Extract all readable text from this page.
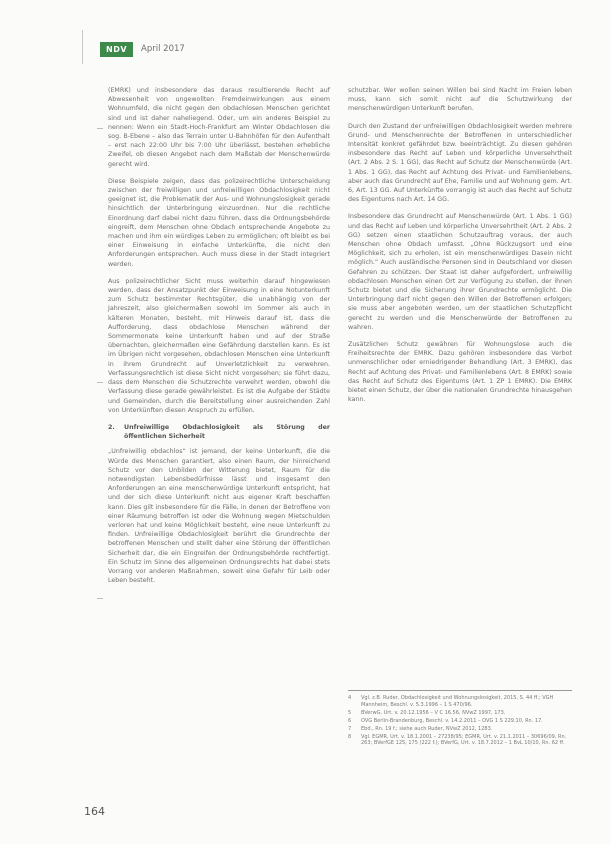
NDV	April 2017

(EMRK) und insbesondere das daraus resultierende Recht auf Abwesenheit von ungewollten Fremdeinwirkungen aus einem Wohnumfeld, die nicht gegen den obdachlosen Menschen gerichtet sind und ist daher naheliegend. Oder, um ein anderes Beispiel zu nennen: Wenn ein Stadt-Hoch-Frankfurt am Winter Obdachlosen die sog. B-Ebene – also das Terrain unter U-Bahnhöfen für den Aufenthalt – erst nach 22:00 Uhr bis 7:00 Uhr überlässt, bestehen erhebliche Zweifel, ob diesen Angebot nach dem Maßstab der Menschenwürde gerecht wird.

Diese Beispiele zeigen, dass das polizeirechtliche Unterscheidung zwischen der freiwilligen und unfreiwilligen Obdachlosigkeit nicht geeignet ist, die Problematik der Aus- und Wohnungslosigkeit gerade hinsichtlich der Unterbringung einzuordnen. Nur die rechtliche Einordnung darf dabei nicht dazu führen, dass die Ordnungsbehörde eingreift, dem Menschen ohne Obdach entsprechende Angebote zu machen und ihm ein würdiges Leben zu ermöglichen; oft bleibt es bei einer Einweisung in einfache Unterkünfte, die nicht den Anforderungen entsprechen. Auch muss diese in der Stadt integriert werden.

Aus polizeirechtlicher Sicht muss weiterhin darauf hingewiesen werden, dass der Ansatzpunkt der Einweisung in eine Notunterkunft zum Schutz bestimmter Rechtsgüter, die unabhängig von der Jahreszeit, also gleichermaßen sowohl im Sommer als auch in kälteren Monaten, besteht, mit Hinweis darauf ist, dass die Aufforderung, dass obdachlose Menschen während der Sommermonate keine Unterkunft haben und auf der Straße übernachten, gleichermaßen eine Gefährdung darstellen kann. Es ist im Übrigen nicht vorgesehen, obdachlosen Menschen eine Unterkunft in ihrem Grundrecht auf Unverletzlichkeit zu verwehren. Verfassungsrechtlich ist diese Sicht nicht vorgesehen; sie führt dazu, dass dem Menschen die Schutzrechte verwehrt werden, obwohl die Verfassung diese gerade gewährleistet. Es ist die Aufgabe der Städte und Gemeinden, durch die Bereitstellung einer ausreichenden Zahl von Unterkünften diesen Anspruch zu erfüllen.

2. Unfreiwillige Obdachlosigkeit als Störung der öffentlichen Sicherheit

„Unfreiwillig obdachlos“ ist jemand, der keine Unterkunft, die die Würde des Menschen garantiert, also einen Raum, der hinreichend Schutz vor den Unbilden der Witterung bietet, Raum für die notwendigsten Lebensbedürfnisse lässt und insgesamt den Anforderungen an eine menschenwürdige Unterkunft entspricht, hat und der sich diese Unterkunft nicht aus eigener Kraft beschaffen kann. Dies gilt insbesondere für die Fälle, in denen der Betroffene von einer Räumung betroffen ist oder die Wohnung wegen Mietschulden verloren hat und keine Möglichkeit besteht, eine neue Unterkunft zu finden. Unfreiwillige Obdachlosigkeit berührt die Grundrechte der betroffenen Menschen und stellt daher eine Störung der öffentlichen Sicherheit dar, die ein Eingreifen der Ordnungsbehörde rechtfertigt. Ein Schutz im Sinne des allgemeinen Ordnungsrechts hat dabei stets Vorrang vor anderen Maßnahmen, soweit eine Gefahr für Leib oder Leben besteht.

schutzbar. Wer wollen seinen Willen bei sind Nacht im Freien leben muss, kann sich somit nicht auf die Schutzwirkung der menschenwürdigen Unterkunft berufen.

Durch den Zustand der unfreiwilligen Obdachlosigkeit werden mehrere Grund- und Menschenrechte der Betroffenen in unterschiedlicher Intensität konkret gefährdet bzw. beeinträchtigt. Zu diesen gehören insbesondere das Recht auf Leben und körperliche Unversehrtheit (Art. 2 Abs. 2 S. 1 GG), das Recht auf Schutz der Menschenwürde (Art. 1 Abs. 1 GG), das Recht auf Achtung des Privat- und Familienlebens, aber auch das Grundrecht auf Ehe, Familie und auf Wohnung gem. Art. 6, Art. 13 GG. Auf Unterkünfte vorrangig ist auch das Recht auf Schutz des Eigentums nach Art. 14 GG.

Insbesondere das Grundrecht auf Menschenwürde (Art. 1 Abs. 1 GG) und das Recht auf Leben und körperliche Unversehrtheit (Art. 2 Abs. 2 GG) setzen einen staatlichen Schutzauftrag voraus, der auch Menschen ohne Obdach umfasst. „Ohne Rückzugsort und eine Möglichkeit, sich zu erholen, ist ein menschenwürdiges Dasein nicht möglich.“ Auch ausländische Personen sind in Deutschland vor diesen Gefahren zu schützen. Der Staat ist daher aufgefordert, unfreiwillig obdachlosen Menschen einen Ort zur Verfügung zu stellen, der ihnen Schutz bietet und die Sicherung ihrer Grundrechte ermöglicht. Die Unterbringung darf nicht gegen den Willen der Betroffenen erfolgen; sie muss aber angeboten werden, um der staatlichen Schutzpflicht gerecht zu werden und die Menschenwürde der Betroffenen zu wahren.

Zusätzlichen Schutz gewähren für Wohnungslose auch die Freiheitsrechte der EMRK. Dazu gehören insbesondere das Verbot unmenschlicher oder erniedrigender Behandlung (Art. 3 EMRK), das Recht auf Achtung des Privat- und Familienlebens (Art. 8 EMRK) sowie das Recht auf Schutz des Eigentums (Art. 1 ZP 1 EMRK). Die EMRK bietet einen Schutz, der über die nationalen Grundrechte hinausgehen kann.

4	Vgl. z.B. Ruder, Obdachlosigkeit und Wohnungslosigkeit, 2015, S. 44 ff.; VGH Mannheim, Beschl. v. 5.3.1996 – 1 S 470/96.
5	BVerwG, Urt. v. 20.12.1956 – V C 16.56, NVwZ 1997, 173.
6	OVG Berlin-Brandenburg, Beschl. v. 14.2.2011 – OVG 1 S 229.10, Rn. 17.
7	Ebd., Rn. 19 f.; siehe auch Ruder, NVwZ 2012, 1283.
8	Vgl. EGMR, Urt. v. 18.1.2001 – 27238/95; EGMR, Urt. v. 21.1.2011 – 30696/09, Rn. 263; BVerfGE 125, 175 (222 f.); BVerfG, Urt. v. 18.7.2012 – 1 BvL 10/10, Rn. 62 ff.
164
